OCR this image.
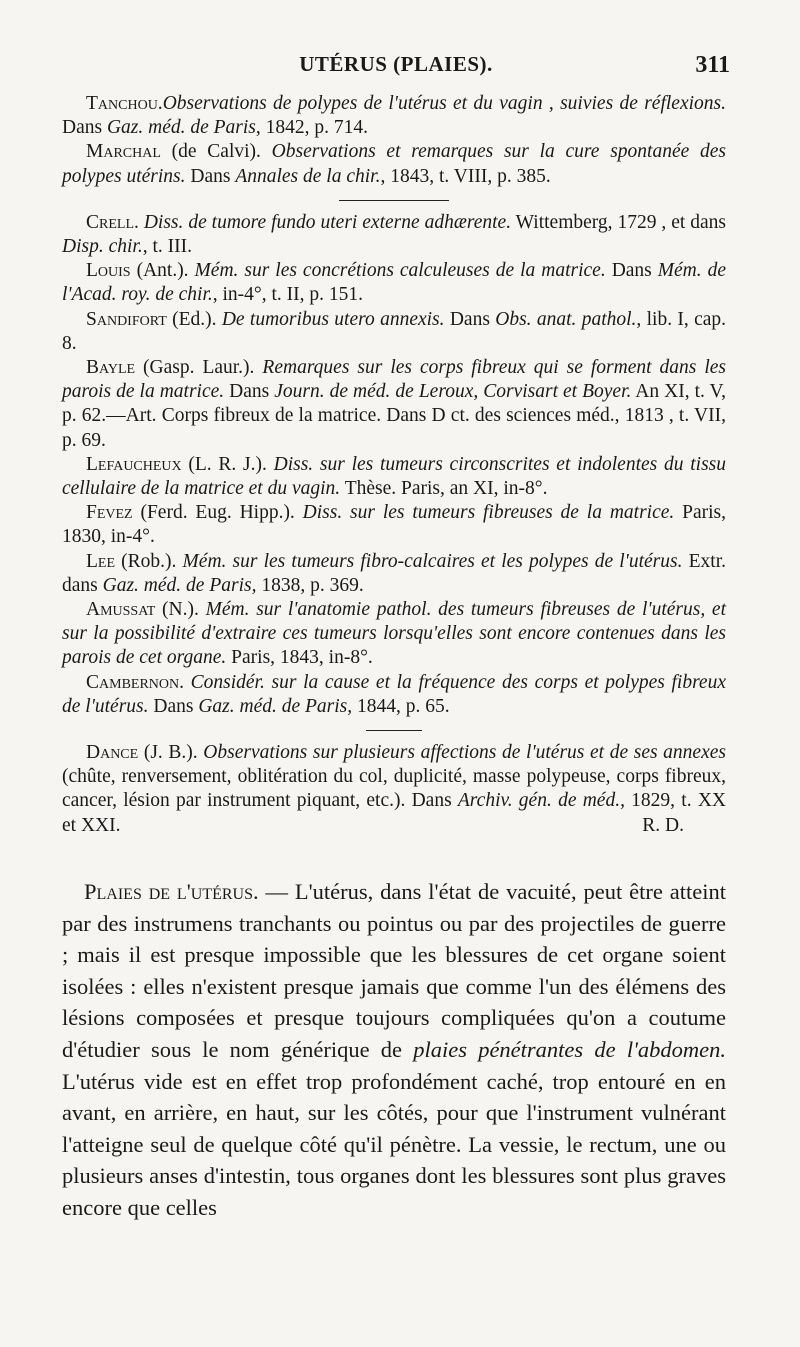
UTÉRUS (PLAIES).	311

Tanchou.Observations de polypes de l'utérus et du vagin , suivies de réflexions. Dans Gaz. méd. de Paris, 1842, p. 714.

Marchal (de Calvi). Observations et remarques sur la cure spontanée des polypes utérins. Dans Annales de la chir., 1843, t. VIII, p. 385.

Crell. Diss. de tumore fundo uteri externe adhærente. Wittemberg, 1729 , et dans Disp. chir., t. III.

Louis (Ant.). Mém. sur les concrétions calculeuses de la matrice. Dans Mém. de l'Acad. roy. de chir., in-4°, t. II, p. 151.

Sandifort (Ed.). De tumoribus utero annexis. Dans Obs. anat. pathol., lib. I, cap. 8.

Bayle (Gasp. Laur.). Remarques sur les corps fibreux qui se forment dans les parois de la matrice. Dans Journ. de méd. de Leroux, Corvisart et Boyer. An XI, t. V, p. 62.—Art. Corps fibreux de la matrice. Dans D ct. des sciences méd., 1813 , t. VII, p. 69.

Lefaucheux (L. R. J.). Diss. sur les tumeurs circonscrites et indolentes du tissu cellulaire de la matrice et du vagin. Thèse. Paris, an XI, in-8°.

Fevez (Ferd. Eug. Hipp.). Diss. sur les tumeurs fibreuses de la matrice. Paris, 1830, in-4°.

Lee (Rob.). Mém. sur les tumeurs fibro-calcaires et les polypes de l'utérus. Extr. dans Gaz. méd. de Paris, 1838, p. 369.

Amussat (N.). Mém. sur l'anatomie pathol. des tumeurs fibreuses de l'utérus, et sur la possibilité d'extraire ces tumeurs lorsqu'elles sont encore contenues dans les parois de cet organe. Paris, 1843, in-8°.

Cambernon. Considér. sur la cause et la fréquence des corps et polypes fibreux de l'utérus. Dans Gaz. méd. de Paris, 1844, p. 65.

Dance (J. B.). Observations sur plusieurs affections de l'utérus et de ses annexes (chûte, renversement, oblitération du col, duplicité, masse polypeuse, corps fibreux, cancer, lésion par instrument piquant, etc.). Dans Archiv. gén. de méd., 1829, t. XX et XXI.	R. D.

Plaies de l'utérus. — L'utérus, dans l'état de vacuité, peut être atteint par des instrumens tranchants ou pointus ou par des projectiles de guerre ; mais il est presque impossible que les blessures de cet organe soient isolées : elles n'existent presque jamais que comme l'un des élémens des lésions composées et presque toujours compliquées qu'on a coutume d'étudier sous le nom générique de plaies pénétrantes de l'abdomen. L'utérus vide est en effet trop profondément caché, trop entouré en en avant, en arrière, en haut, sur les côtés, pour que l'instrument vulnérant l'atteigne seul de quelque côté qu'il pénètre. La vessie, le rectum, une ou plusieurs anses d'intestin, tous organes dont les blessures sont plus graves encore que celles
